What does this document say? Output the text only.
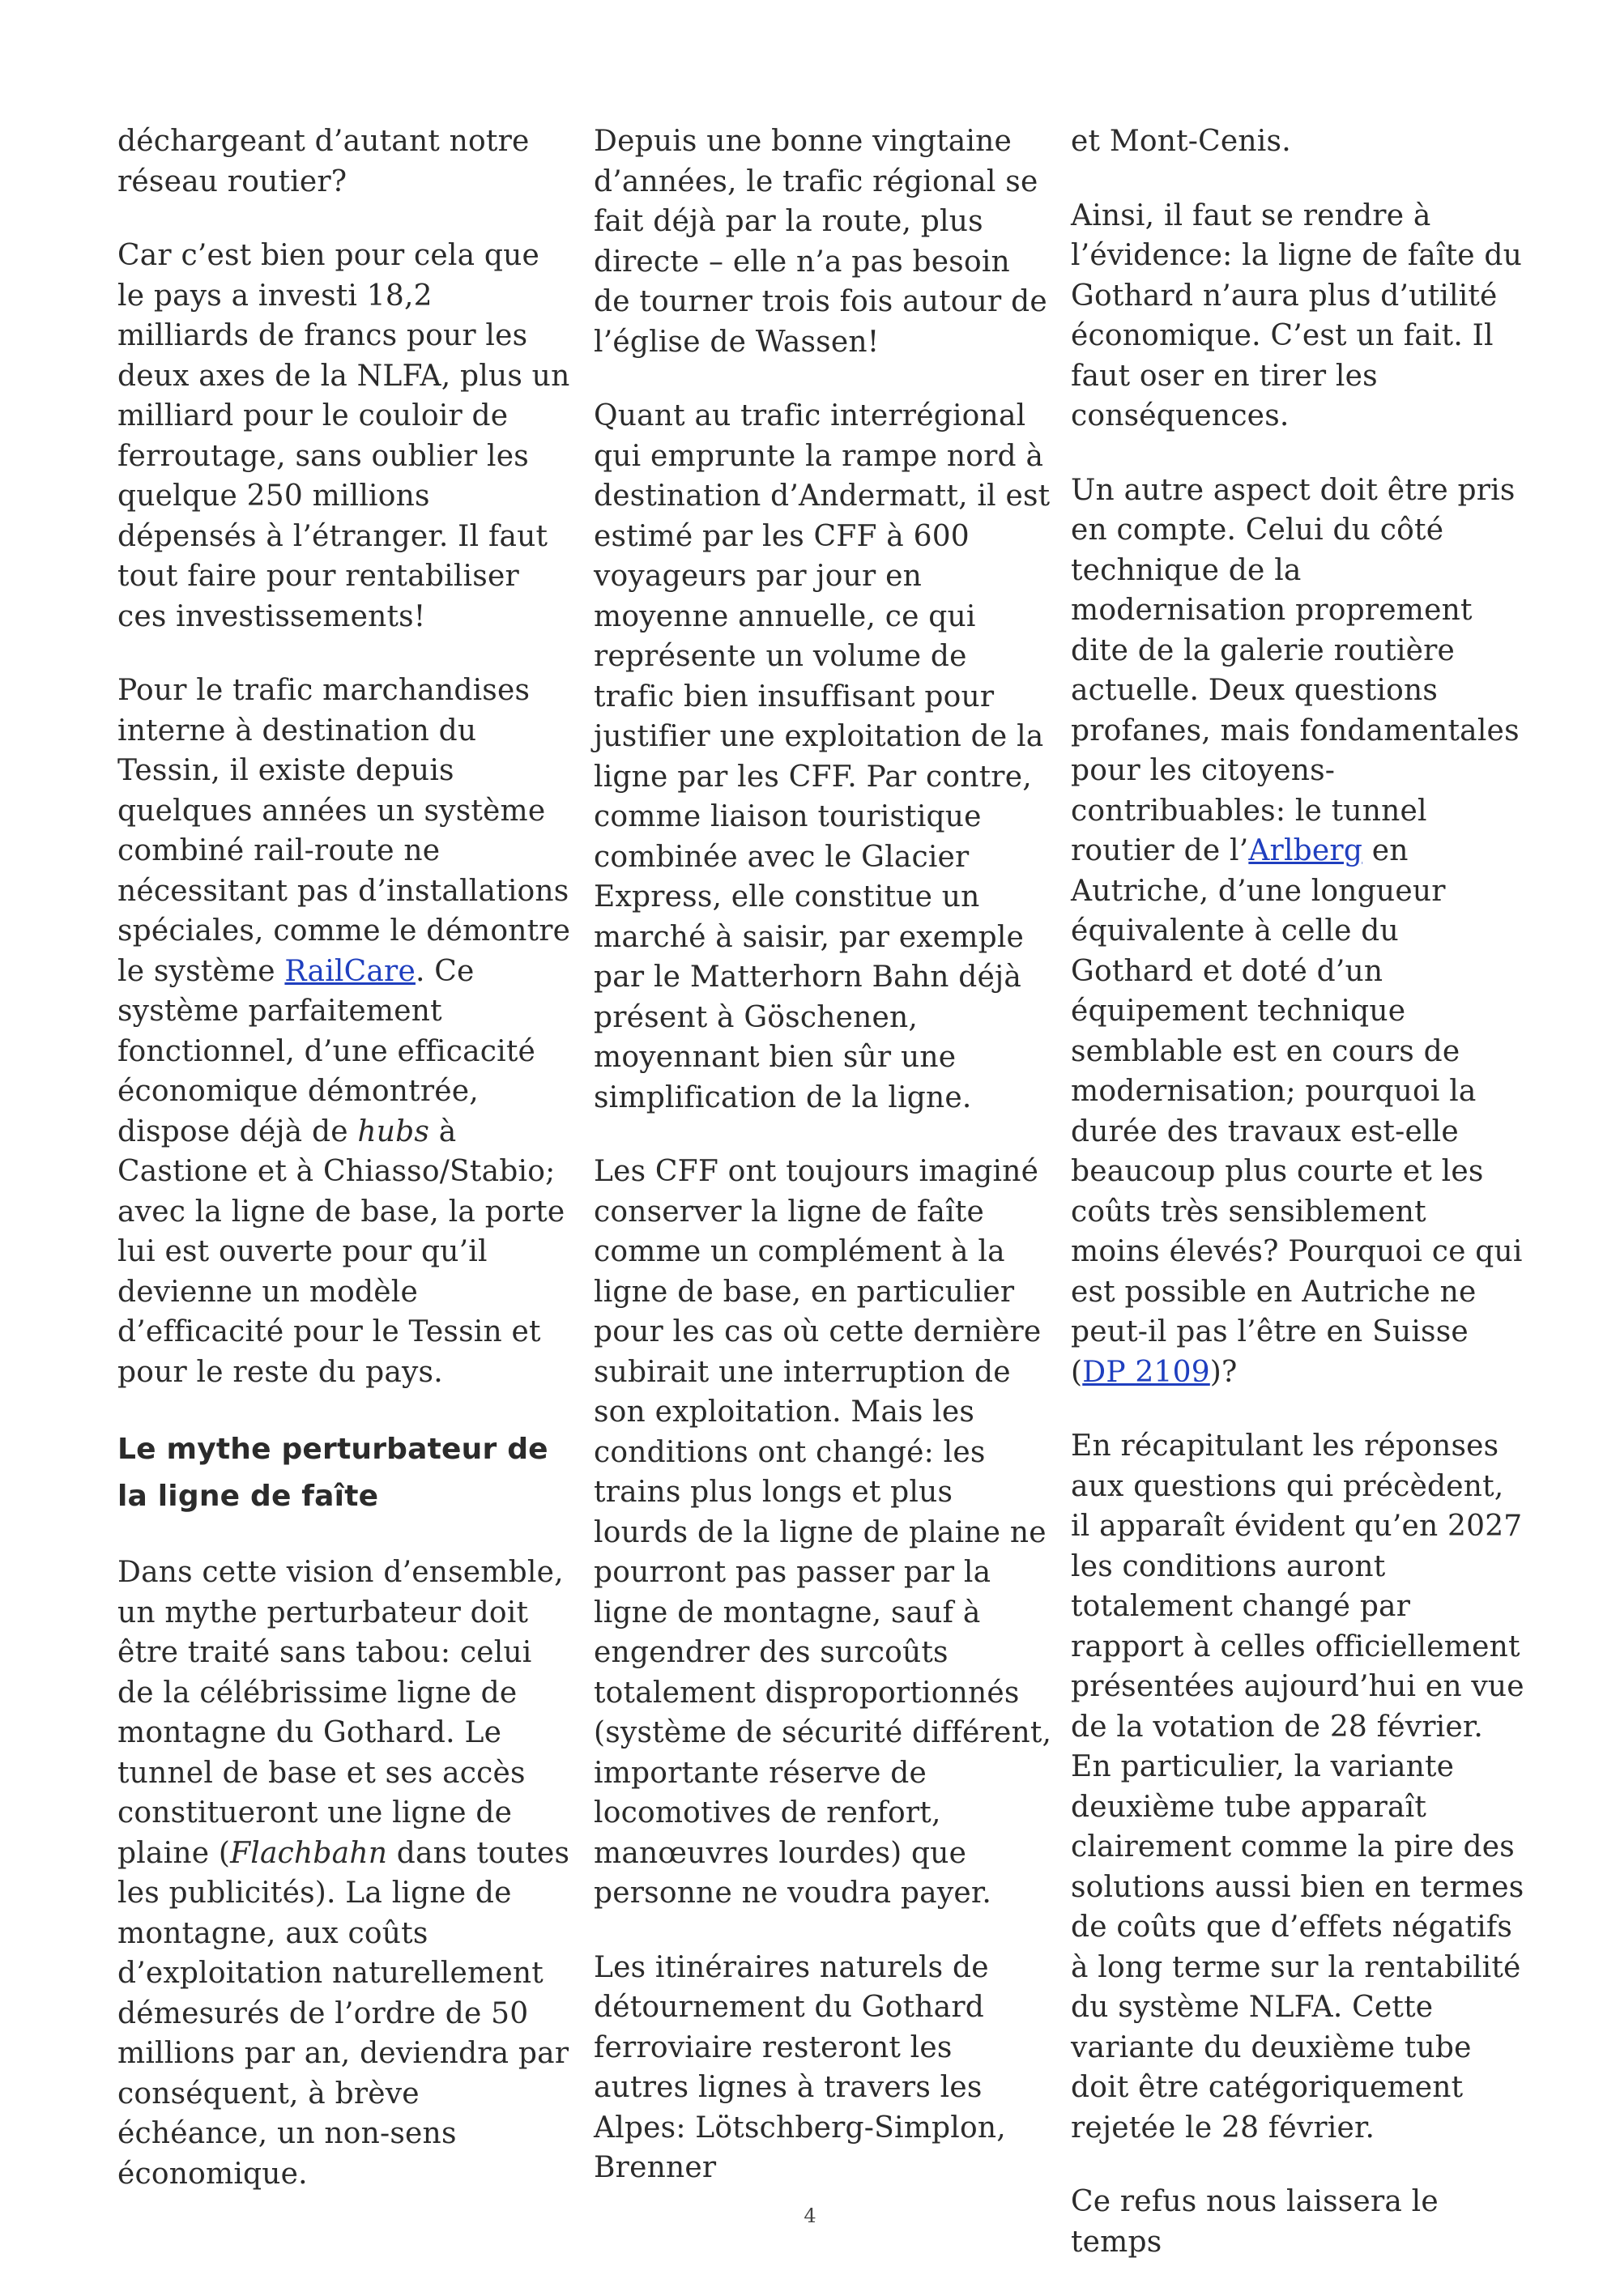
déchargeant d’autant notre réseau routier?

Car c’est bien pour cela que le pays a investi 18,2 milliards de francs pour les deux axes de la NLFA, plus un milliard pour le couloir de ferroutage, sans oublier les quelque 250 millions dépensés à l’étranger. Il faut tout faire pour rentabiliser ces investissements!

Pour le trafic marchandises interne à destination du Tessin, il existe depuis quelques années un système combiné rail-route ne nécessitant pas d’installations spéciales, comme le démontre le système RailCare. Ce système parfaitement fonctionnel, d’une efficacité économique démontrée, dispose déjà de hubs à Castione et à Chiasso/Stabio; avec la ligne de base, la porte lui est ouverte pour qu’il devienne un modèle d’efficacité pour le Tessin et pour le reste du pays.

Le mythe perturbateur de la ligne de faîte

Dans cette vision d’ensemble, un mythe perturbateur doit être traité sans tabou: celui de la célébrissime ligne de montagne du Gothard. Le tunnel de base et ses accès constitueront une ligne de plaine (Flachbahn dans toutes les publicités). La ligne de montagne, aux coûts d’exploitation naturellement démesurés de l’ordre de 50 millions par an, deviendra par conséquent, à brève échéance, un non-sens économique.

Depuis une bonne vingtaine d’années, le trafic régional se fait déjà par la route, plus directe – elle n’a pas besoin de tourner trois fois autour de l’église de Wassen!

Quant au trafic interrégional qui emprunte la rampe nord à destination d’Andermatt, il est estimé par les CFF à 600 voyageurs par jour en moyenne annuelle, ce qui représente un volume de trafic bien insuffisant pour justifier une exploitation de la ligne par les CFF. Par contre, comme liaison touristique combinée avec le Glacier Express, elle constitue un marché à saisir, par exemple par le Matterhorn Bahn déjà présent à Göschenen, moyennant bien sûr une simplification de la ligne.

Les CFF ont toujours imaginé conserver la ligne de faîte comme un complément à la ligne de base, en particulier pour les cas où cette dernière subirait une interruption de son exploitation. Mais les conditions ont changé: les trains plus longs et plus lourds de la ligne de plaine ne pourront pas passer par la ligne de montagne, sauf à engendrer des surcoûts totalement disproportionnés (système de sécurité différent, importante réserve de locomotives de renfort, manœuvres lourdes) que personne ne voudra payer.

Les itinéraires naturels de détournement du Gothard ferroviaire resteront les autres lignes à travers les Alpes: Lötschberg-Simplon, Brenner

et Mont-Cenis.

Ainsi, il faut se rendre à l’évidence: la ligne de faîte du Gothard n’aura plus d’utilité économique. C’est un fait. Il faut oser en tirer les conséquences.

Un autre aspect doit être pris en compte. Celui du côté technique de la modernisation proprement dite de la galerie routière actuelle. Deux questions profanes, mais fondamentales pour les citoyens-contribuables: le tunnel routier de l’Arlberg en Autriche, d’une longueur équivalente à celle du Gothard et doté d’un équipement technique semblable est en cours de modernisation; pourquoi la durée des travaux est-elle beaucoup plus courte et les coûts très sensiblement moins élevés? Pourquoi ce qui est possible en Autriche ne peut-il pas l’être en Suisse (DP 2109)?

En récapitulant les réponses aux questions qui précèdent, il apparaît évident qu’en 2027 les conditions auront totalement changé par rapport à celles officiellement présentées aujourd’hui en vue de la votation de 28 février. En particulier, la variante deuxième tube apparaît clairement comme la pire des solutions aussi bien en termes de coûts que d’effets négatifs à long terme sur la rentabilité du système NLFA. Cette variante du deuxième tube doit être catégoriquement rejetée le 28 février.

Ce refus nous laissera le temps

4
